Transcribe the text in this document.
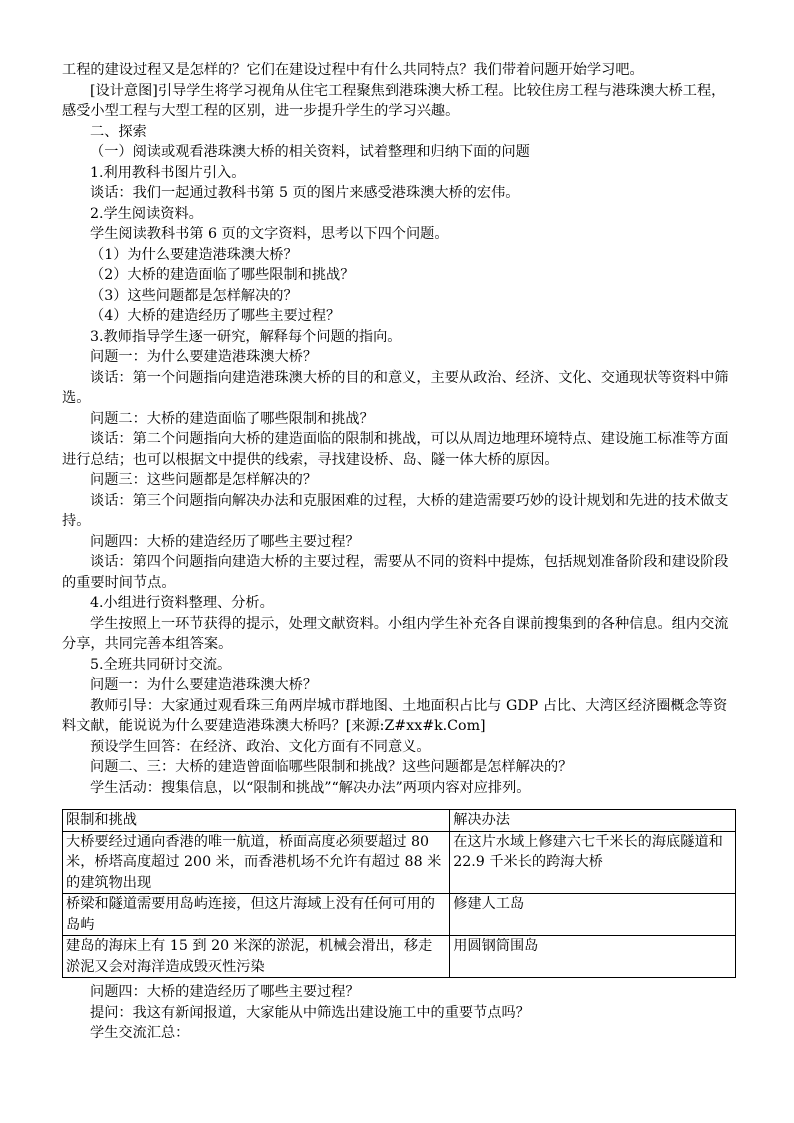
工程的建设过程又是怎样的？它们在建设过程中有什么共同特点？我们带着问题开始学习吧。

[设计意图]引导学生将学习视角从住宅工程聚焦到港珠澳大桥工程。比较住房工程与港珠澳大桥工程，感受小型工程与大型工程的区别，进一步提升学生的学习兴趣。

二、探索

（一）阅读或观看港珠澳大桥的相关资料，试着整理和归纳下面的问题

1.利用教科书图片引入。

谈话：我们一起通过教科书第 5 页的图片来感受港珠澳大桥的宏伟。

2.学生阅读资料。

学生阅读教科书第 6 页的文字资料，思考以下四个问题。

（1）为什么要建造港珠澳大桥？

（2）大桥的建造面临了哪些限制和挑战？

（3）这些问题都是怎样解决的？

（4）大桥的建造经历了哪些主要过程？

3.教师指导学生逐一研究，解释每个问题的指向。

问题一：为什么要建造港珠澳大桥？

谈话：第一个问题指向建造港珠澳大桥的目的和意义，主要从政治、经济、文化、交通现状等资料中筛选。

问题二：大桥的建造面临了哪些限制和挑战？

谈话：第二个问题指向大桥的建造面临的限制和挑战，可以从周边地理环境特点、建设施工标准等方面进行总结；也可以根据文中提供的线索，寻找建设桥、岛、隧一体大桥的原因。

问题三：这些问题都是怎样解决的？

谈话：第三个问题指向解决办法和克服困难的过程，大桥的建造需要巧妙的设计规划和先进的技术做支持。

问题四：大桥的建造经历了哪些主要过程？

谈话：第四个问题指向建造大桥的主要过程，需要从不同的资料中提炼，包括规划准备阶段和建设阶段的重要时间节点。

4.小组进行资料整理、分析。

学生按照上一环节获得的提示，处理文献资料。小组内学生补充各自课前搜集到的各种信息。组内交流分享，共同完善本组答案。

5.全班共同研讨交流。

问题一：为什么要建造港珠澳大桥？

教师引导：大家通过观看珠三角两岸城市群地图、土地面积占比与 GDP 占比、大湾区经济圈概念等资料文献，能说说为什么要建造港珠澳大桥吗？[来源:Z#xx#k.Com]

预设学生回答：在经济、政治、文化方面有不同意义。

问题二、三：大桥的建造曾面临哪些限制和挑战？这些问题都是怎样解决的？

学生活动：搜集信息，以“限制和挑战”“解决办法”两项内容对应排列。

限制和挑战	解决办法
大桥要经过通向香港的唯一航道，桥面高度必须要超过 80 米，桥塔高度超过 200 米，而香港机场不允许有超过 88 米的建筑物出现	在这片水域上修建六七千米长的海底隧道和 22.9 千米长的跨海大桥
桥梁和隧道需要用岛屿连接，但这片海域上没有任何可用的岛屿	修建人工岛
建岛的海床上有 15 到 20 米深的淤泥，机械会滑出，移走淤泥又会对海洋造成毁灭性污染	用圆钢筒围岛

问题四：大桥的建造经历了哪些主要过程？

提问：我这有新闻报道，大家能从中筛选出建设施工中的重要节点吗？

学生交流汇总：
